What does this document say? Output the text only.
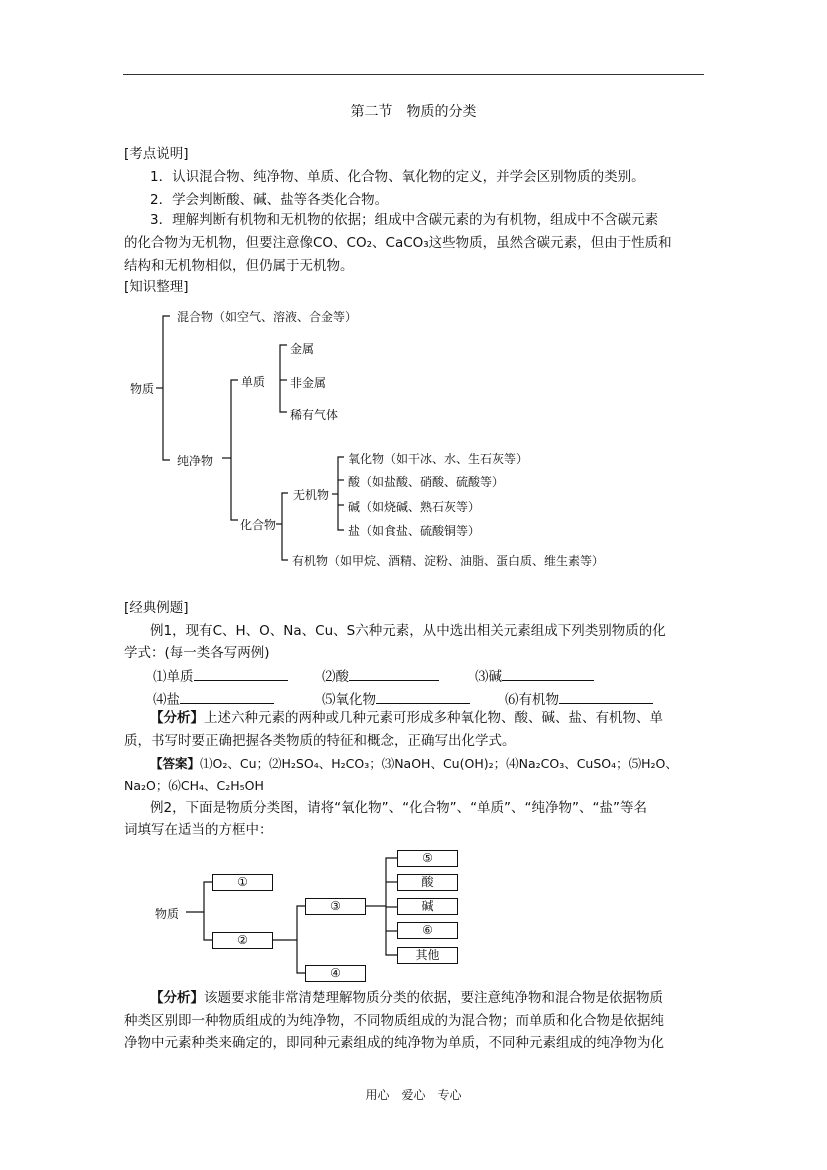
第二节　物质的分类
[考点说明]
1．认识混合物、纯净物、单质、化合物、氧化物的定义，并学会区别物质的类别。
2．学会判断酸、碱、盐等各类化合物。
3．理解判断有机物和无机物的依据；组成中含碳元素的为有机物，组成中不含碳元素
的化合物为无机物，但要注意像CO、CO₂、CaCO₃这些物质，虽然含碳元素，但由于性质和
结构和无机物相似，但仍属于无机物。
[知识整理]
物质
混合物（如空气、溶液、合金等）
纯净物
单质
金属
非金属
稀有气体
化合物
无机物
氧化物（如干冰、水、生石灰等）
酸（如盐酸、硝酸、硫酸等）
碱（如烧碱、熟石灰等）
盐（如食盐、硫酸铜等）
有机物（如甲烷、酒精、淀粉、油脂、蛋白质、维生素等）
[经典例题]
例1，现有C、H、O、Na、Cu、S六种元素，从中选出相关元素组成下列类别物质的化
学式：(每一类各写两例)
⑴单质	⑵酸	⑶碱
⑷盐	⑸氧化物	⑹有机物
【分析】上述六种元素的两种或几种元素可形成多种氧化物、酸、碱、盐、有机物、单
质，书写时要正确把握各类物质的特征和概念，正确写出化学式。
【答案】⑴O₂、Cu；⑵H₂SO₄、H₂CO₃；⑶NaOH、Cu(OH)₂；⑷Na₂CO₃、CuSO₄；⑸H₂O、
Na₂O；⑹CH₄、C₂H₅OH
例2，下面是物质分类图，请将“氧化物”、“化合物”、“单质”、“纯净物”、“盐”等名
词填写在适当的方框中：
物质
①
②
③
④
⑤
酸
碱
⑥
其他
【分析】该题要求能非常清楚理解物质分类的依据，要注意纯净物和混合物是依据物质
种类区别即一种物质组成的为纯净物，不同物质组成的为混合物；而单质和化合物是依据纯
净物中元素种类来确定的，即同种元素组成的纯净物为单质，不同种元素组成的纯净物为化
用心　爱心　专心
